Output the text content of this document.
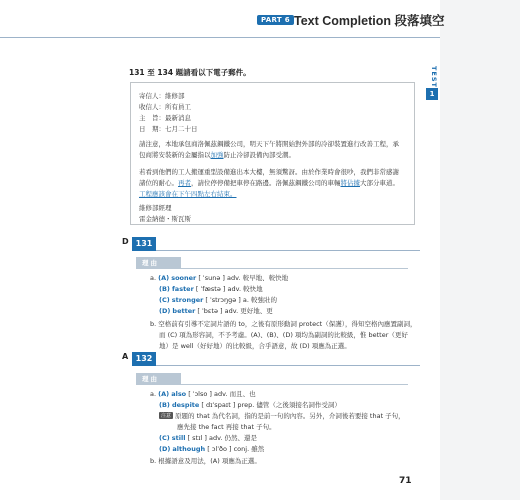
PART 6 Text Completion 段落填空
TEST
1
131 至 134 題請看以下電子郵件。
寄信人：維修部
收信人：所有員工
主　旨：最新消息
日　期：七月二十日
請注意，本地承包商洛佩茲鋼鐵公司，明天下午將開始對外部的冷卻裝置進行改善工程，承
包商將安裝新的金屬指以加強防止冷卻設備內部受潮。
若看到他們的工人搬運重型設備進出本大樓，無須驚訝。由於作業時會很吵，我們非常感謝
諸位的耐心。再者，請位停停備把車停在路邊。洛佩茲鋼鐵公司的車輛將佔據大部分車道。
工程應該會在下午四點左右結束。
維修部經理
雷金納德・斯瓦斯
D 131
理由
a. (A) sooner [ ˈsunə ] adv. 較早地、較快地
(B) faster [ ˈfæstə ] adv. 較快地
(C) stronger [ ˈstrɔŋgə ] a. 較強壯的
(D) better [ ˈbɛtə ] adv. 更好地、更
b. 空格前有引導不定詞片語的 to，之後有原形動詞 protect（保護），得知空格內應置副詞，
而 (C) 項為形容詞，不予考慮。(A)、(B)、(D) 項均為副詞的比較級，惟 better（更好
地）是 well（好好地）的比較級，合乎語意，故 (D) 項應為正選。
A 132
理由
a. (A) also [ ˈɔlso ] adv. 而且、也
(B) despite [ dɪˈspaɪt ] prep. 儘管（之後須接名詞作受詞）
注意 原題的 that 為代名詞，指的是前一句的內容。另外，介詞後若要接 that 子句，
應先接 the fact 再接 that 子句。
(C) still [ stɪl ] adv. 仍然、還是
(D) although [ ɔlˈðo ] conj. 雖然
b. 根據語意及用法，(A) 項應為正選。
71
